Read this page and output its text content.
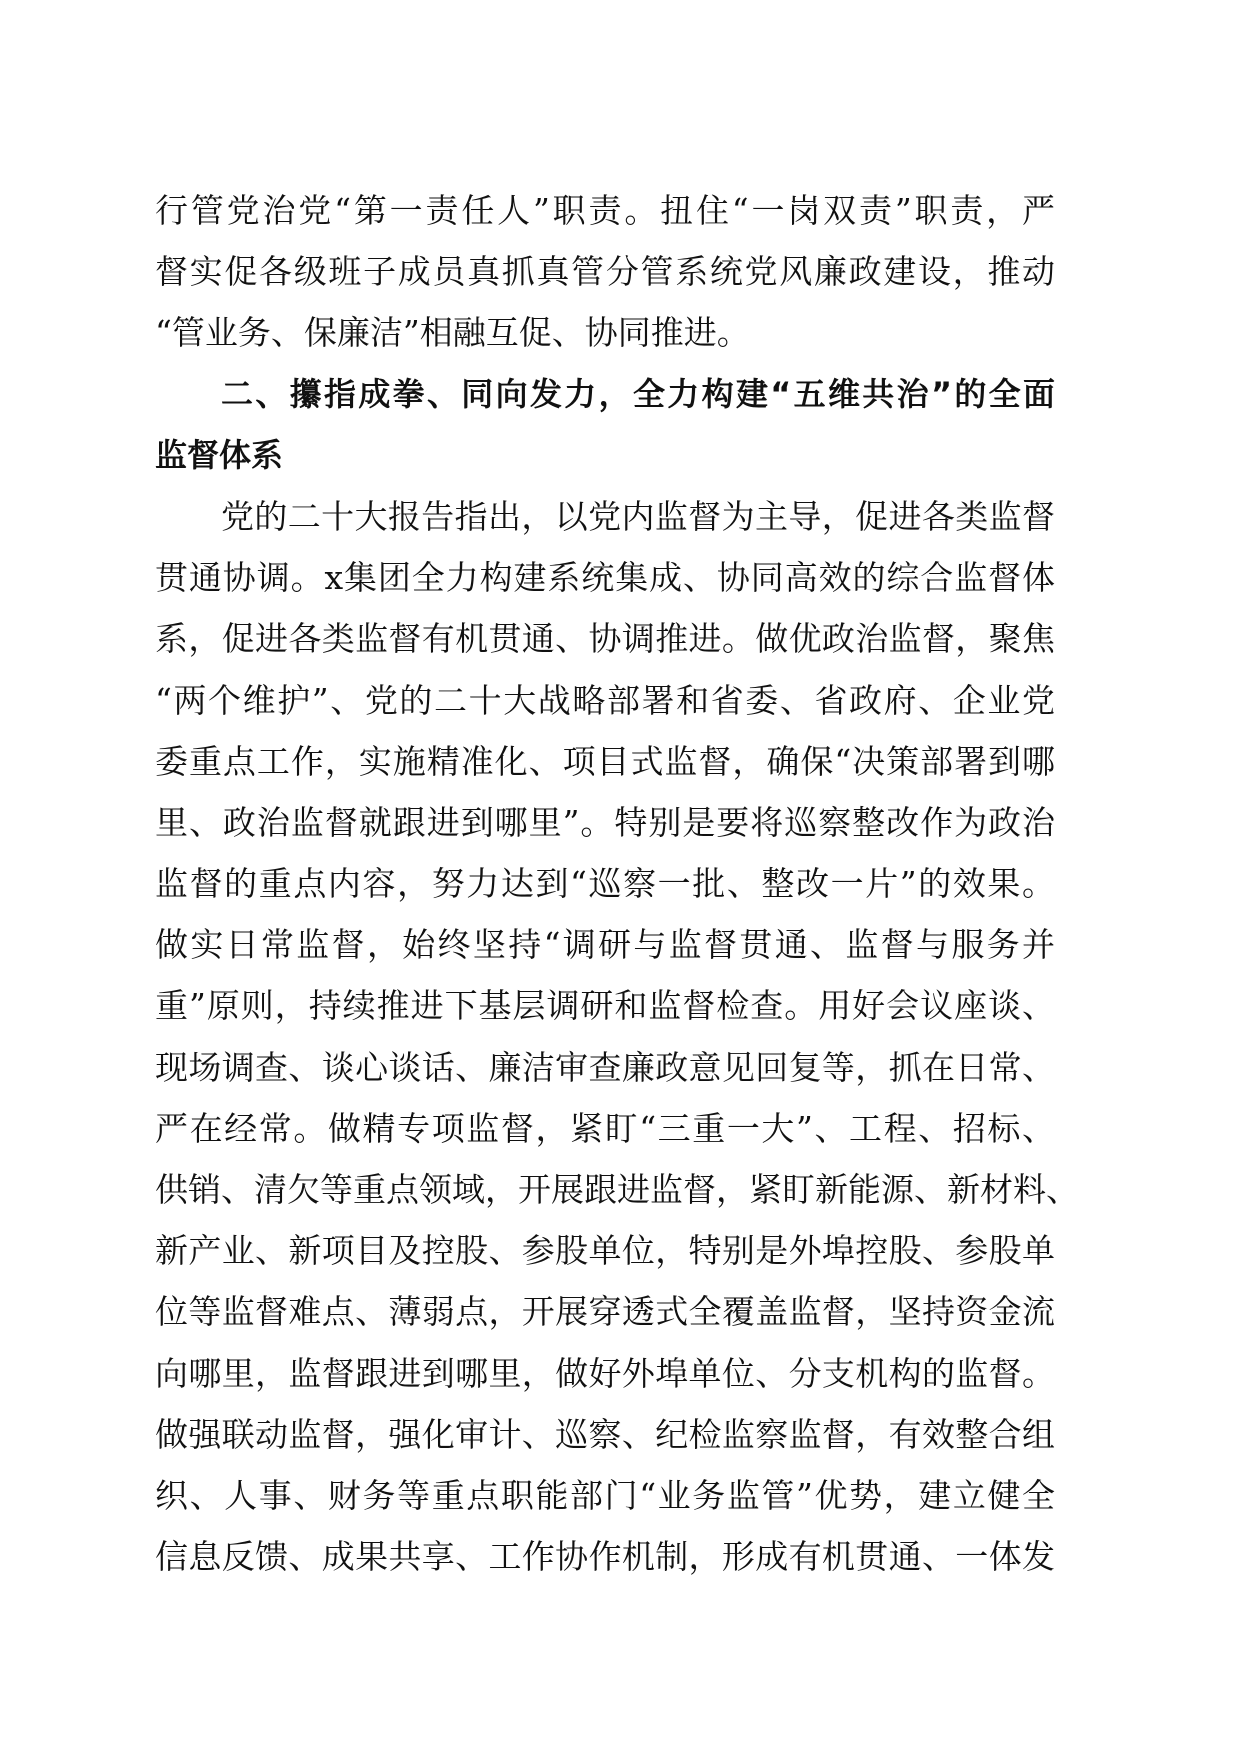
行管党治党“第一责任人”职责。扭住“一岗双责”职责，严
督实促各级班子成员真抓真管分管系统党风廉政建设，推动
“管业务、保廉洁”相融互促、协同推进。
二、攥指成拳、同向发力，全力构建“五维共治”的全面
监督体系
党的二十大报告指出，以党内监督为主导，促进各类监督
贯通协调。x集团全力构建系统集成、协同高效的综合监督体
系，促进各类监督有机贯通、协调推进。做优政治监督，聚焦
“两个维护”、党的二十大战略部署和省委、省政府、企业党
委重点工作，实施精准化、项目式监督，确保“决策部署到哪
里、政治监督就跟进到哪里”。特别是要将巡察整改作为政治
监督的重点内容，努力达到“巡察一批、整改一片”的效果。
做实日常监督，始终坚持“调研与监督贯通、监督与服务并
重”原则，持续推进下基层调研和监督检查。用好会议座谈、
现场调查、谈心谈话、廉洁审查廉政意见回复等，抓在日常、
严在经常。做精专项监督，紧盯“三重一大”、工程、招标、
供销、清欠等重点领域，开展跟进监督，紧盯新能源、新材料、
新产业、新项目及控股、参股单位，特别是外埠控股、参股单
位等监督难点、薄弱点，开展穿透式全覆盖监督，坚持资金流
向哪里，监督跟进到哪里，做好外埠单位、分支机构的监督。
做强联动监督，强化审计、巡察、纪检监察监督，有效整合组
织、人事、财务等重点职能部门“业务监管”优势，建立健全
信息反馈、成果共享、工作协作机制，形成有机贯通、一体发
